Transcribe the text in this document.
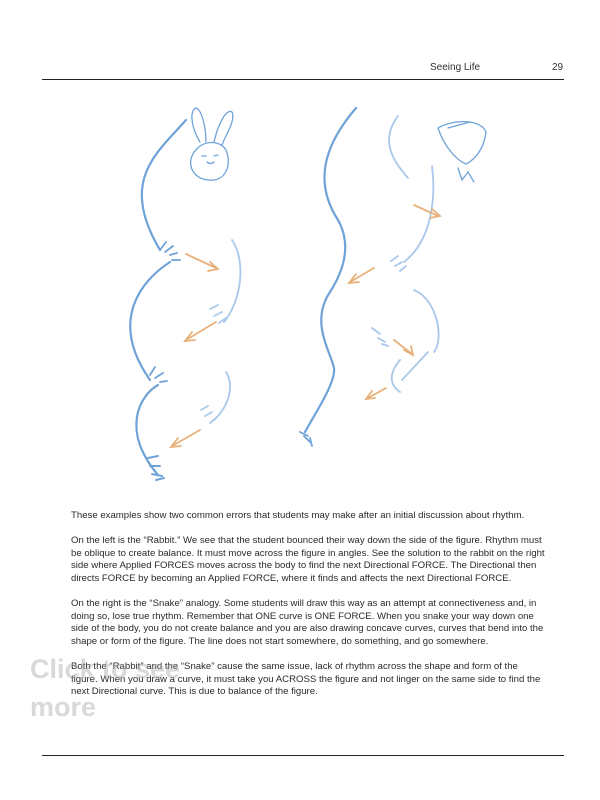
Seeing Life	29

These examples show two common errors that students may make after an initial discussion about rhythm.

On the left is the “Rabbit.” We see that the student bounced their way down the side of the figure. Rhythm must be oblique to create balance. It must move across the figure in angles. See the solution to the rabbit on the right side where Applied FORCES moves across the body to find the next Directional FORCE. The Directional then directs FORCE by becoming an Applied FORCE, where it finds and affects the next Directional FORCE.

On the right is the “Snake” analogy. Some students will draw this way as an attempt at connectiveness and, in doing so, lose true rhythm. Remember that ONE curve is ONE FORCE. When you snake your way down one side of the body, you do not create balance and you are also drawing concave curves, curves that bend into the shape or form of the figure. The line does not start somewhere, do something, and go somewhere.

Both the “Rabbit” and the “Snake” cause the same issue, lack of rhythm across the shape and form of the figure. When you draw a curve, it must take you ACROSS the figure and not linger on the same side to find the next Directional curve. This is due to balance of the figure.

Click to see
more
